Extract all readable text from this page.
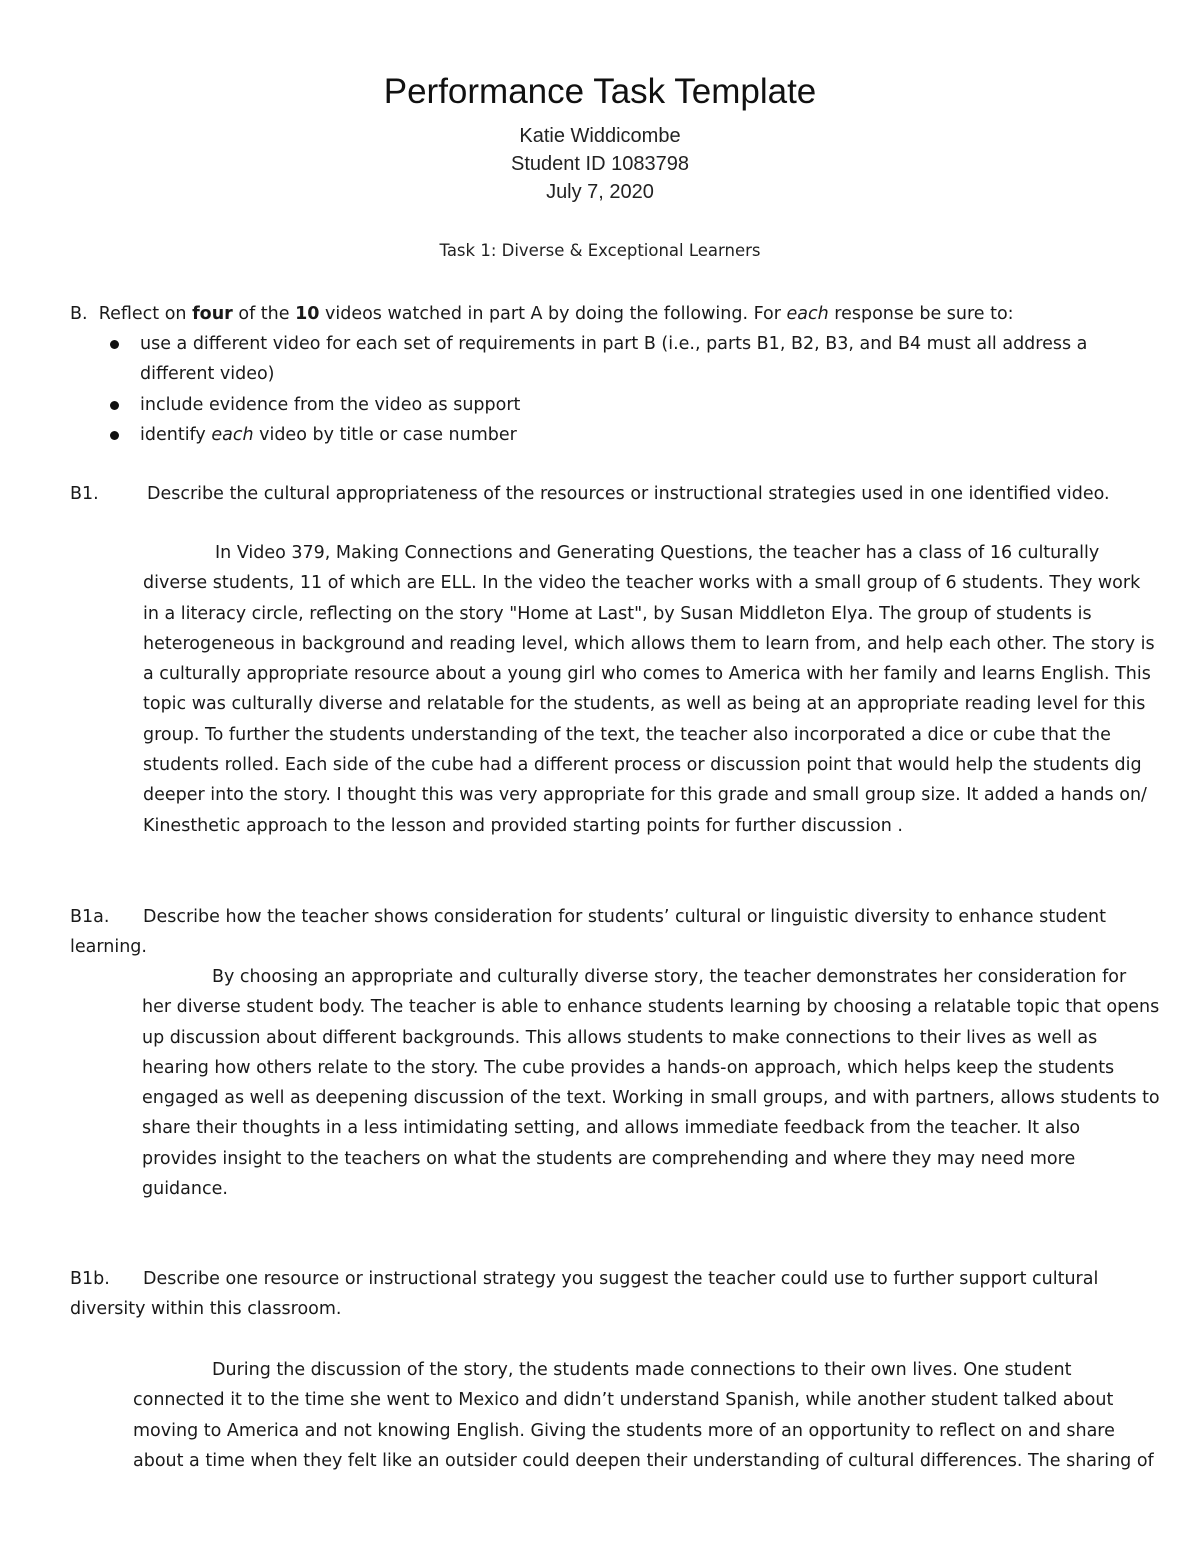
Performance Task Template
Katie Widdicombe
Student ID 1083798
July 7, 2020
Task 1: Diverse & Exceptional Learners
B. Reflect on four of the 10 videos watched in part A by doing the following. For each response be sure to:
use a different video for each set of requirements in part B (i.e., parts B1, B2, B3, and B4 must all address a
different video)
include evidence from the video as support
identify each video by title or case number
B1.	Describe the cultural appropriateness of the resources or instructional strategies used in one identified video.
In Video 379, Making Connections and Generating Questions, the teacher has a class of 16 culturally
diverse students, 11 of which are ELL. In the video the teacher works with a small group of 6 students. They work
in a literacy circle, reflecting on the story "Home at Last", by Susan Middleton Elya. The group of students is
heterogeneous in background and reading level, which allows them to learn from, and help each other. The story is
a culturally appropriate resource about a young girl who comes to America with her family and learns English. This
topic was culturally diverse and relatable for the students, as well as being at an appropriate reading level for this
group. To further the students understanding of the text, the teacher also incorporated a dice or cube that the
students rolled. Each side of the cube had a different process or discussion point that would help the students dig
deeper into the story. I thought this was very appropriate for this grade and small group size. It added a hands on/
Kinesthetic approach to the lesson and provided starting points for further discussion .
B1a. Describe how the teacher shows consideration for students’ cultural or linguistic diversity to enhance student
learning.
By choosing an appropriate and culturally diverse story, the teacher demonstrates her consideration for
her diverse student body. The teacher is able to enhance students learning by choosing a relatable topic that opens
up discussion about different backgrounds. This allows students to make connections to their lives as well as
hearing how others relate to the story. The cube provides a hands-on approach, which helps keep the students
engaged as well as deepening discussion of the text. Working in small groups, and with partners, allows students to
share their thoughts in a less intimidating setting, and allows immediate feedback from the teacher. It also
provides insight to the teachers on what the students are comprehending and where they may need more
guidance.
B1b. Describe one resource or instructional strategy you suggest the teacher could use to further support cultural
diversity within this classroom.
During the discussion of the story, the students made connections to their own lives. One student
connected it to the time she went to Mexico and didn’t understand Spanish, while another student talked about
moving to America and not knowing English. Giving the students more of an opportunity to reflect on and share
about a time when they felt like an outsider could deepen their understanding of cultural differences. The sharing of
